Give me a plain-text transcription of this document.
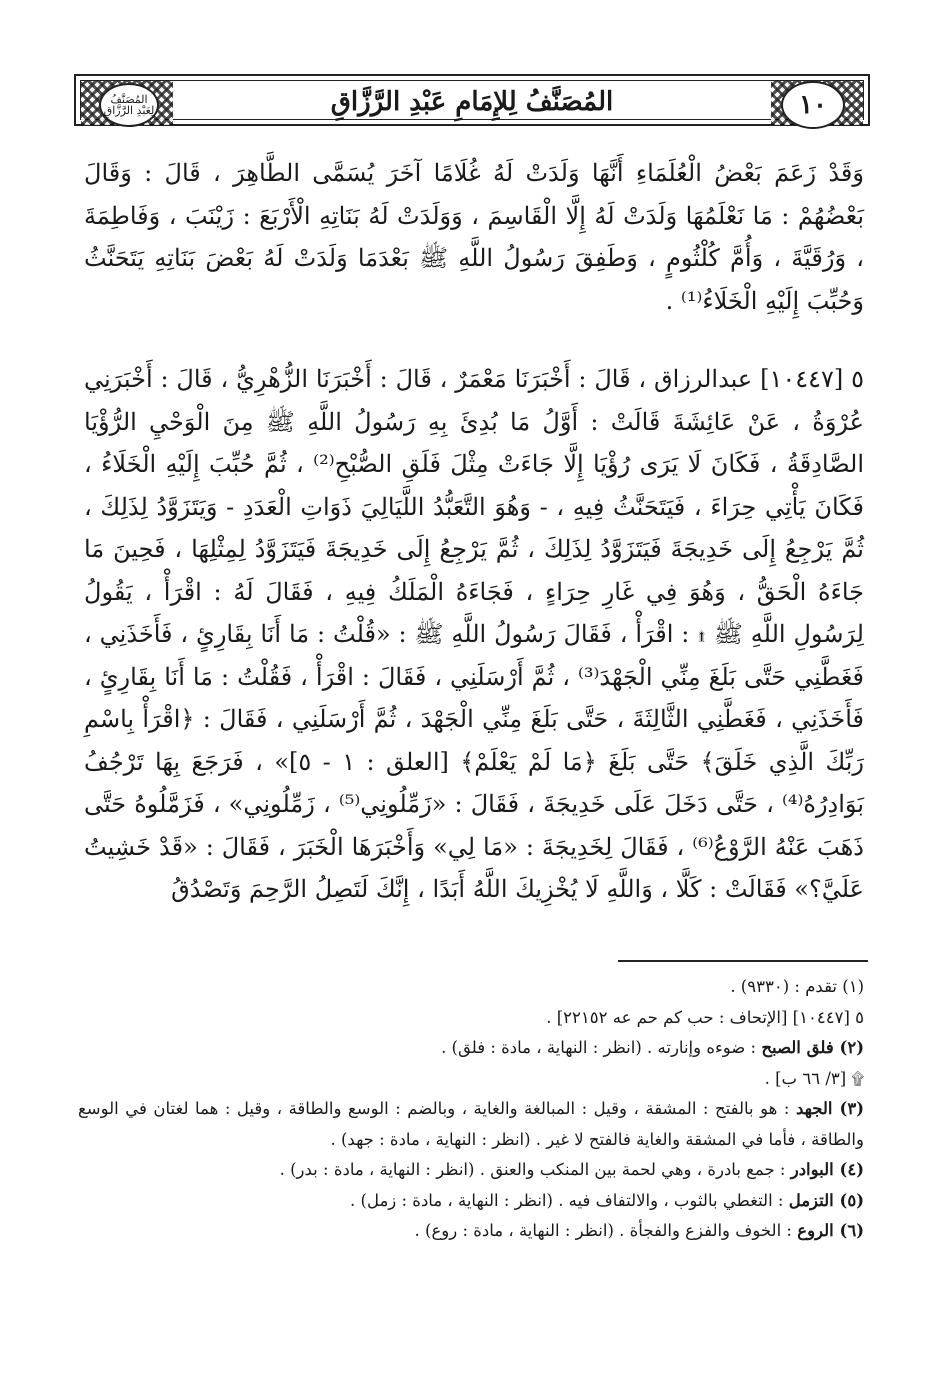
المُصَنَّفُ لِعَبْدِ الرَّزَّاقِ	١٠
المُصَنَّفُ لِلإِمَامِ عَبْدِ الرَّزَّاقِ
وَقَدْ زَعَمَ بَعْضُ الْعُلَمَاءِ أَنَّهَا وَلَدَتْ لَهُ غُلَامًا آخَرَ يُسَمَّى الطَّاهِرَ ، قَالَ : وَقَالَ بَعْضُهُمْ : مَا نَعْلَمُهَا وَلَدَتْ لَهُ إِلَّا الْقَاسِمَ ، وَوَلَدَتْ لَهُ بَنَاتِهِ الْأَرْبَعَ : زَيْنَبَ ، وَفَاطِمَةَ ، وَرُقَيَّةَ ، وَأُمَّ كُلْثُومٍ ، وَطَفِقَ رَسُولُ اللَّهِ ﷺ بَعْدَمَا وَلَدَتْ لَهُ بَعْضَ بَنَاتِهِ يَتَحَنَّثُ وَحُبِّبَ إِلَيْهِ الْخَلَاءُ⁽¹⁾ .
٥ [١٠٤٤٧] عبدالرزاق ، قَالَ : أَخْبَرَنَا مَعْمَرٌ ، قَالَ : أَخْبَرَنَا الزُّهْرِيُّ ، قَالَ : أَخْبَرَنِي عُرْوَةُ ، عَنْ عَائِشَةَ قَالَتْ : أَوَّلُ مَا بُدِئَ بِهِ رَسُولُ اللَّهِ ﷺ مِنَ الْوَحْيِ الرُّؤْيَا الصَّادِقَةُ ، فَكَانَ لَا يَرَى رُؤْيَا إِلَّا جَاءَتْ مِثْلَ فَلَقِ الصُّبْحِ⁽²⁾ ، ثُمَّ حُبِّبَ إِلَيْهِ الْخَلَاءُ ، فَكَانَ يَأْتِي حِرَاءَ ، فَيَتَحَنَّثُ فِيهِ ، - وَهُوَ التَّعَبُّدُ اللَّيَالِيَ ذَوَاتِ الْعَدَدِ - وَيَتَزَوَّدُ لِذَلِكَ ، ثُمَّ يَرْجِعُ إِلَى خَدِيجَةَ فَيَتَزَوَّدُ لِذَلِكَ ، ثُمَّ يَرْجِعُ إِلَى خَدِيجَةَ فَيَتَزَوَّدُ لِمِثْلِهَا ، فَحِينَ مَا جَاءَهُ الْحَقُّ ، وَهُوَ فِي غَارِ حِرَاءٍ ، فَجَاءَهُ الْمَلَكُ فِيهِ ، فَقَالَ لَهُ : اقْرَأْ ، يَقُولُ لِرَسُولِ اللَّهِ ﷺ ۩ : اقْرَأْ ، فَقَالَ رَسُولُ اللَّهِ ﷺ : «قُلْتُ : مَا أَنَا بِقَارِئٍ ، فَأَخَذَنِي ، فَغَطَّنِي حَتَّى بَلَغَ مِنِّي الْجَهْدَ⁽³⁾ ، ثُمَّ أَرْسَلَنِي ، فَقَالَ : اقْرَأْ ، فَقُلْتُ : مَا أَنَا بِقَارِئٍ ، فَأَخَذَنِي ، فَغَطَّنِي الثَّالِثَةَ ، حَتَّى بَلَغَ مِنِّي الْجَهْدَ ، ثُمَّ أَرْسَلَنِي ، فَقَالَ : ﴿اقْرَأْ بِاسْمِ رَبِّكَ الَّذِي خَلَقَ﴾ حَتَّى بَلَغَ ﴿مَا لَمْ يَعْلَمْ﴾ [العلق : ١ - ٥]» ، فَرَجَعَ بِهَا تَرْجُفُ بَوَادِرُهُ⁽⁴⁾ ، حَتَّى دَخَلَ عَلَى خَدِيجَةَ ، فَقَالَ : «زَمِّلُونِي⁽⁵⁾ ، زَمِّلُونِي» ، فَزَمَّلُوهُ حَتَّى ذَهَبَ عَنْهُ الرَّوْعُ⁽⁶⁾ ، فَقَالَ لِخَدِيجَةَ : «مَا لِي» وَأَخْبَرَهَا الْخَبَرَ ، فَقَالَ : «قَدْ خَشِيتُ عَلَيَّ؟» فَقَالَتْ : كَلَّا ، وَاللَّهِ لَا يُخْزِيكَ اللَّهُ أَبَدًا ، إِنَّكَ لَتَصِلُ الرَّحِمَ وَتَصْدُقُ

(١) تقدم : (٩٣٣٠) .

٥ [١٠٤٤٧] [الإتحاف : حب كم حم عه ٢٢١٥٢] .

(٢) فلق الصبح : ضوءه وإنارته . (انظر : النهاية ، مادة : فلق) .

۩ [٣/ ٦٦ ب] .

(٣) الجهد : هو بالفتح : المشقة ، وقيل : المبالغة والغاية ، وبالضم : الوسع والطاقة ، وقيل : هما لغتان في الوسع والطاقة ، فأما في المشقة والغاية فالفتح لا غير . (انظر : النهاية ، مادة : جهد) .

(٤) البوادر : جمع بادرة ، وهي لحمة بين المنكب والعنق . (انظر : النهاية ، مادة : بدر) .

(٥) التزمل : التغطي بالثوب ، والالتفاف فيه . (انظر : النهاية ، مادة : زمل) .

(٦) الروع : الخوف والفزع والفجأة . (انظر : النهاية ، مادة : روع) .
